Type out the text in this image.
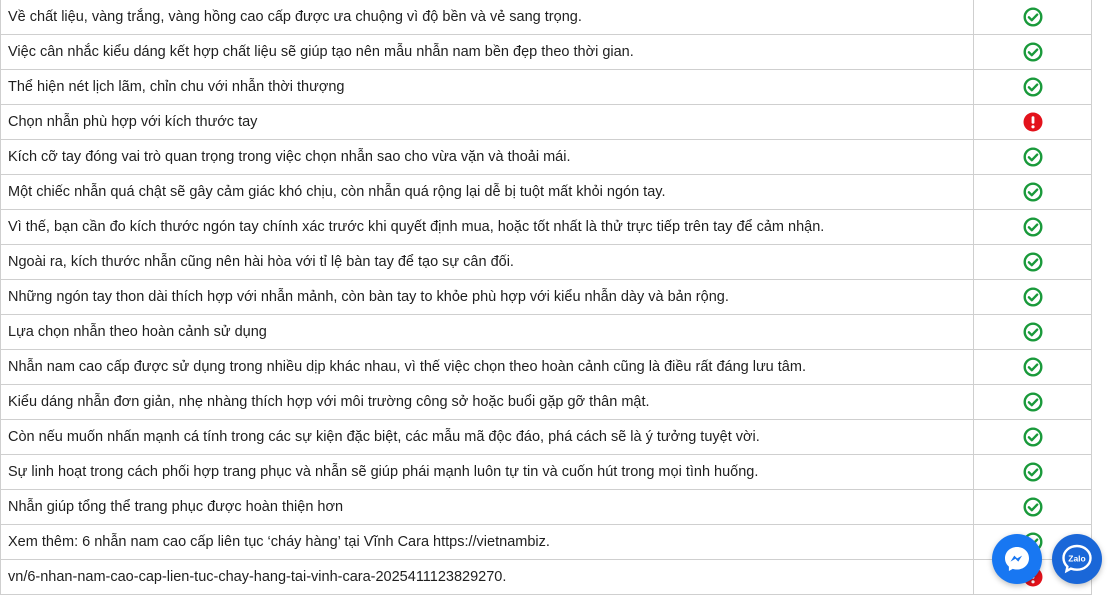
Về chất liệu, vàng trắng, vàng hồng cao cấp được ưa chuộng vì độ bền và vẻ sang trọng.	

Việc cân nhắc kiểu dáng kết hợp chất liệu sẽ giúp tạo nên mẫu nhẫn nam bền đẹp theo thời gian.	

Thể hiện nét lịch lãm, chỉn chu với nhẫn thời thượng	

Chọn nhẫn phù hợp với kích thước tay	

Kích cỡ tay đóng vai trò quan trọng trong việc chọn nhẫn sao cho vừa vặn và thoải mái.	

Một chiếc nhẫn quá chật sẽ gây cảm giác khó chịu, còn nhẫn quá rộng lại dễ bị tuột mất khỏi ngón tay.	

Vì thế, bạn cần đo kích thước ngón tay chính xác trước khi quyết định mua, hoặc tốt nhất là thử trực tiếp trên tay để cảm nhận.	

Ngoài ra, kích thước nhẫn cũng nên hài hòa với tỉ lệ bàn tay để tạo sự cân đối.	

Những ngón tay thon dài thích hợp với nhẫn mảnh, còn bàn tay to khỏe phù hợp với kiểu nhẫn dày và bản rộng.	

Lựa chọn nhẫn theo hoàn cảnh sử dụng	

Nhẫn nam cao cấp được sử dụng trong nhiều dịp khác nhau, vì thế việc chọn theo hoàn cảnh cũng là điều rất đáng lưu tâm.	

Kiểu dáng nhẫn đơn giản, nhẹ nhàng thích hợp với môi trường công sở hoặc buổi gặp gỡ thân mật.	

Còn nếu muốn nhấn mạnh cá tính trong các sự kiện đặc biệt, các mẫu mã độc đáo, phá cách sẽ là ý tưởng tuyệt vời.	

Sự linh hoạt trong cách phối hợp trang phục và nhẫn sẽ giúp phái mạnh luôn tự tin và cuốn hút trong mọi tình huống.	

Nhẫn giúp tổng thể trang phục được hoàn thiện hơn	

Xem thêm: 6 nhẫn nam cao cấp liên tục ‘cháy hàng’ tại Vĩnh Cara https://vietnambiz.	

vn/6-nhan-nam-cao-cap-lien-tuc-chay-hang-tai-vinh-cara-2025411123829270.	
Zalo
